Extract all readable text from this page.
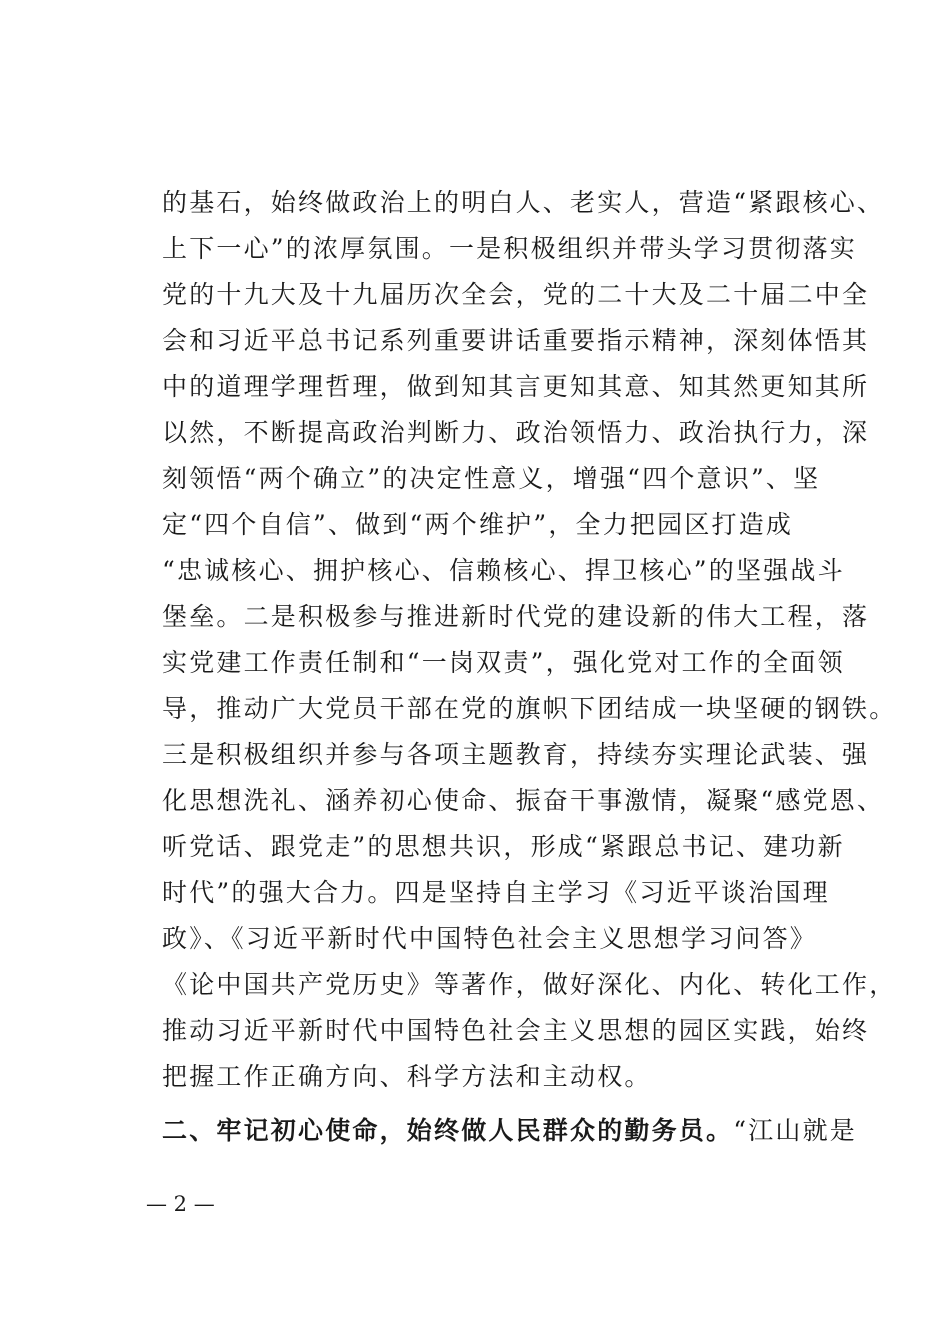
的基石，始终做政治上的明白人、老实人，营造“紧跟核心、
上下一心”的浓厚氛围。一是积极组织并带头学习贯彻落实
党的十九大及十九届历次全会，党的二十大及二十届二中全
会和习近平总书记系列重要讲话重要指示精神，深刻体悟其
中的道理学理哲理，做到知其言更知其意、知其然更知其所
以然，不断提高政治判断力、政治领悟力、政治执行力，深
刻领悟“两个确立”的决定性意义，增强“四个意识”、坚
定“四个自信”、做到“两个维护”，全力把园区打造成
“忠诚核心、拥护核心、信赖核心、捍卫核心”的坚强战斗
堡垒。二是积极参与推进新时代党的建设新的伟大工程，落
实党建工作责任制和“一岗双责”，强化党对工作的全面领
导，推动广大党员干部在党的旗帜下团结成一块坚硬的钢铁。
三是积极组织并参与各项主题教育，持续夯实理论武装、强
化思想洗礼、涵养初心使命、振奋干事激情，凝聚“感党恩、
听党话、跟党走”的思想共识，形成“紧跟总书记、建功新
时代”的强大合力。四是坚持自主学习《习近平谈治国理
政》、《习近平新时代中国特色社会主义思想学习问答》
《论中国共产党历史》等著作，做好深化、内化、转化工作，
推动习近平新时代中国特色社会主义思想的园区实践，始终
把握工作正确方向、科学方法和主动权。
二、牢记初心使命，始终做人民群众的勤务员。“江山就是
— 2 —
